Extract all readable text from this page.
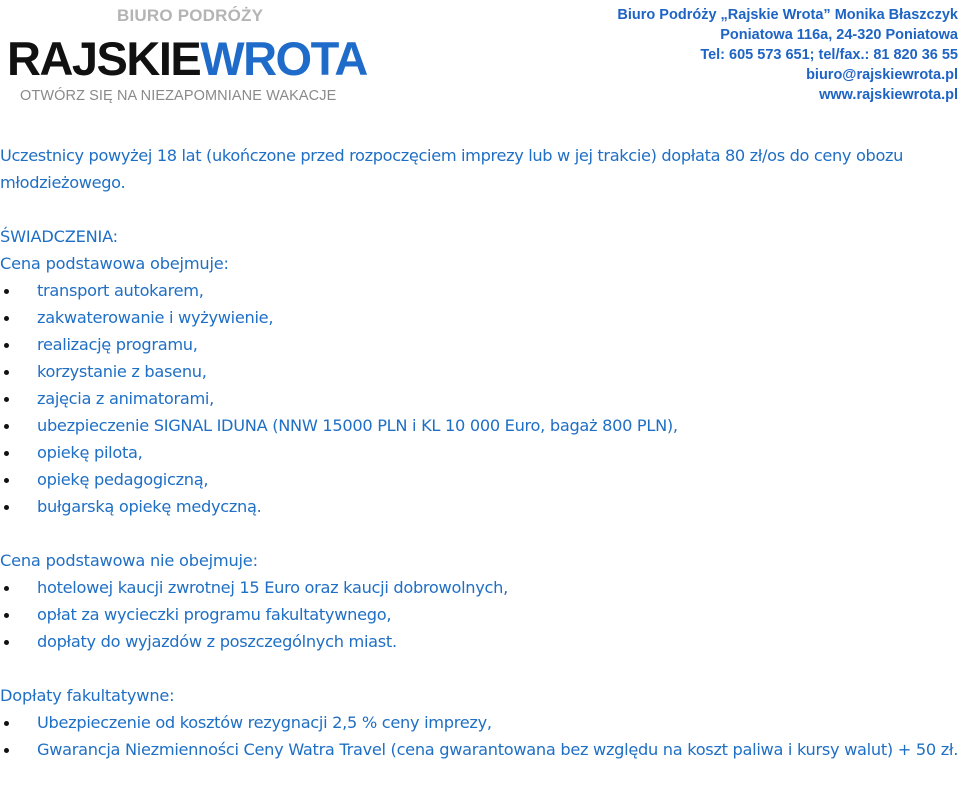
BIURO PODRÓŻY
RAJSKIEWROTA
OTWÓRZ SIĘ NA NIEZAPOMNIANE WAKACJE
Biuro Podróży „Rajskie Wrota” Monika Błaszczyk
Poniatowa 116a, 24-320 Poniatowa
Tel: 605 573 651; tel/fax.: 81 820 36 55
biuro@rajskiewrota.pl
www.rajskiewrota.pl

Uczestnicy powyżej 18 lat (ukończone przed rozpoczęciem imprezy lub w jej trakcie) dopłata 80 zł/os do ceny obozu młodzieżowego.

ŚWIADCZENIA:

Cena podstawowa obejmuje:

transport autokarem,
zakwaterowanie i wyżywienie,
realizację programu,
korzystanie z basenu,
zajęcia z animatorami,
ubezpieczenie SIGNAL IDUNA (NNW 15000 PLN i KL 10 000 Euro, bagaż 800 PLN),
opiekę pilota,
opiekę pedagogiczną,
bułgarską opiekę medyczną.

Cena podstawowa nie obejmuje:

hotelowej kaucji zwrotnej 15 Euro oraz kaucji dobrowolnych,
opłat za wycieczki programu fakultatywnego,
dopłaty do wyjazdów z poszczególnych miast.

Dopłaty fakultatywne:

Ubezpieczenie od kosztów rezygnacji 2,5 % ceny imprezy,
Gwarancja Niezmienności Ceny Watra Travel (cena gwarantowana bez względu na koszt paliwa i kursy walut) + 50 zł.
